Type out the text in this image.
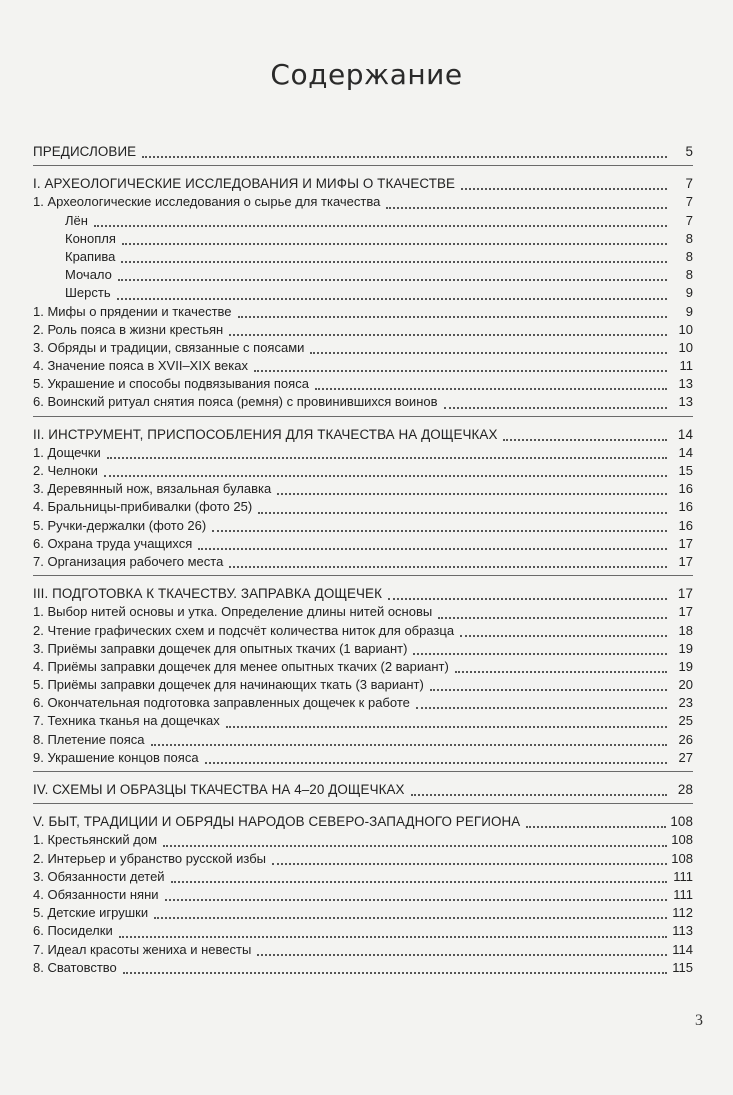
Содержание
ПРЕДИСЛОВИЕ	5
I. АРХЕОЛОГИЧЕСКИЕ ИССЛЕДОВАНИЯ И МИФЫ О ТКАЧЕСТВЕ	7
1. Археологические исследования о сырье для ткачества	7
Лён	7
Конопля	8
Крапива	8
Мочало	8
Шерсть	9
1. Мифы о прядении и ткачестве	9
2. Роль пояса в жизни крестьян	10
3. Обряды и традиции, связанные с поясами	10
4. Значение пояса в XVII–XIX веках	11
5. Украшение и способы подвязывания пояса	13
6. Воинский ритуал снятия пояса (ремня) с провинившихся воинов	13
II. ИНСТРУМЕНТ, ПРИСПОСОБЛЕНИЯ ДЛЯ ТКАЧЕСТВА НА ДОЩЕЧКАХ	14
1. Дощечки	14
2. Челноки	15
3. Деревянный нож, вязальная булавка	16
4. Бральницы-прибивалки (фото 25)	16
5. Ручки-держалки (фото 26)	16
6. Охрана труда учащихся	17
7. Организация рабочего места	17
III. ПОДГОТОВКА К ТКАЧЕСТВУ. ЗАПРАВКА ДОЩЕЧЕК	17
1. Выбор нитей основы и утка. Определение длины нитей основы	17
2. Чтение графических схем и подсчёт количества ниток для образца	18
3. Приёмы заправки дощечек для опытных ткачих (1 вариант)	19
4. Приёмы заправки дощечек для менее опытных ткачих (2 вариант)	19
5. Приёмы заправки дощечек для начинающих ткать (3 вариант)	20
6. Окончательная подготовка заправленных дощечек к работе	23
7. Техника тканья на дощечках	25
8. Плетение пояса	26
9. Украшение концов пояса	27
IV. СХЕМЫ И ОБРАЗЦЫ ТКАЧЕСТВА НА 4–20 ДОЩЕЧКАХ	28
V. БЫТ, ТРАДИЦИИ И ОБРЯДЫ НАРОДОВ СЕВЕРО-ЗАПАДНОГО РЕГИОНА	108
1. Крестьянский дом	108
2. Интерьер и убранство русской избы	108
3. Обязанности детей	111
4. Обязанности няни	111
5. Детские игрушки	112
6. Посиделки	113
7. Идеал красоты жениха и невесты	114
8. Сватовство	115
3
